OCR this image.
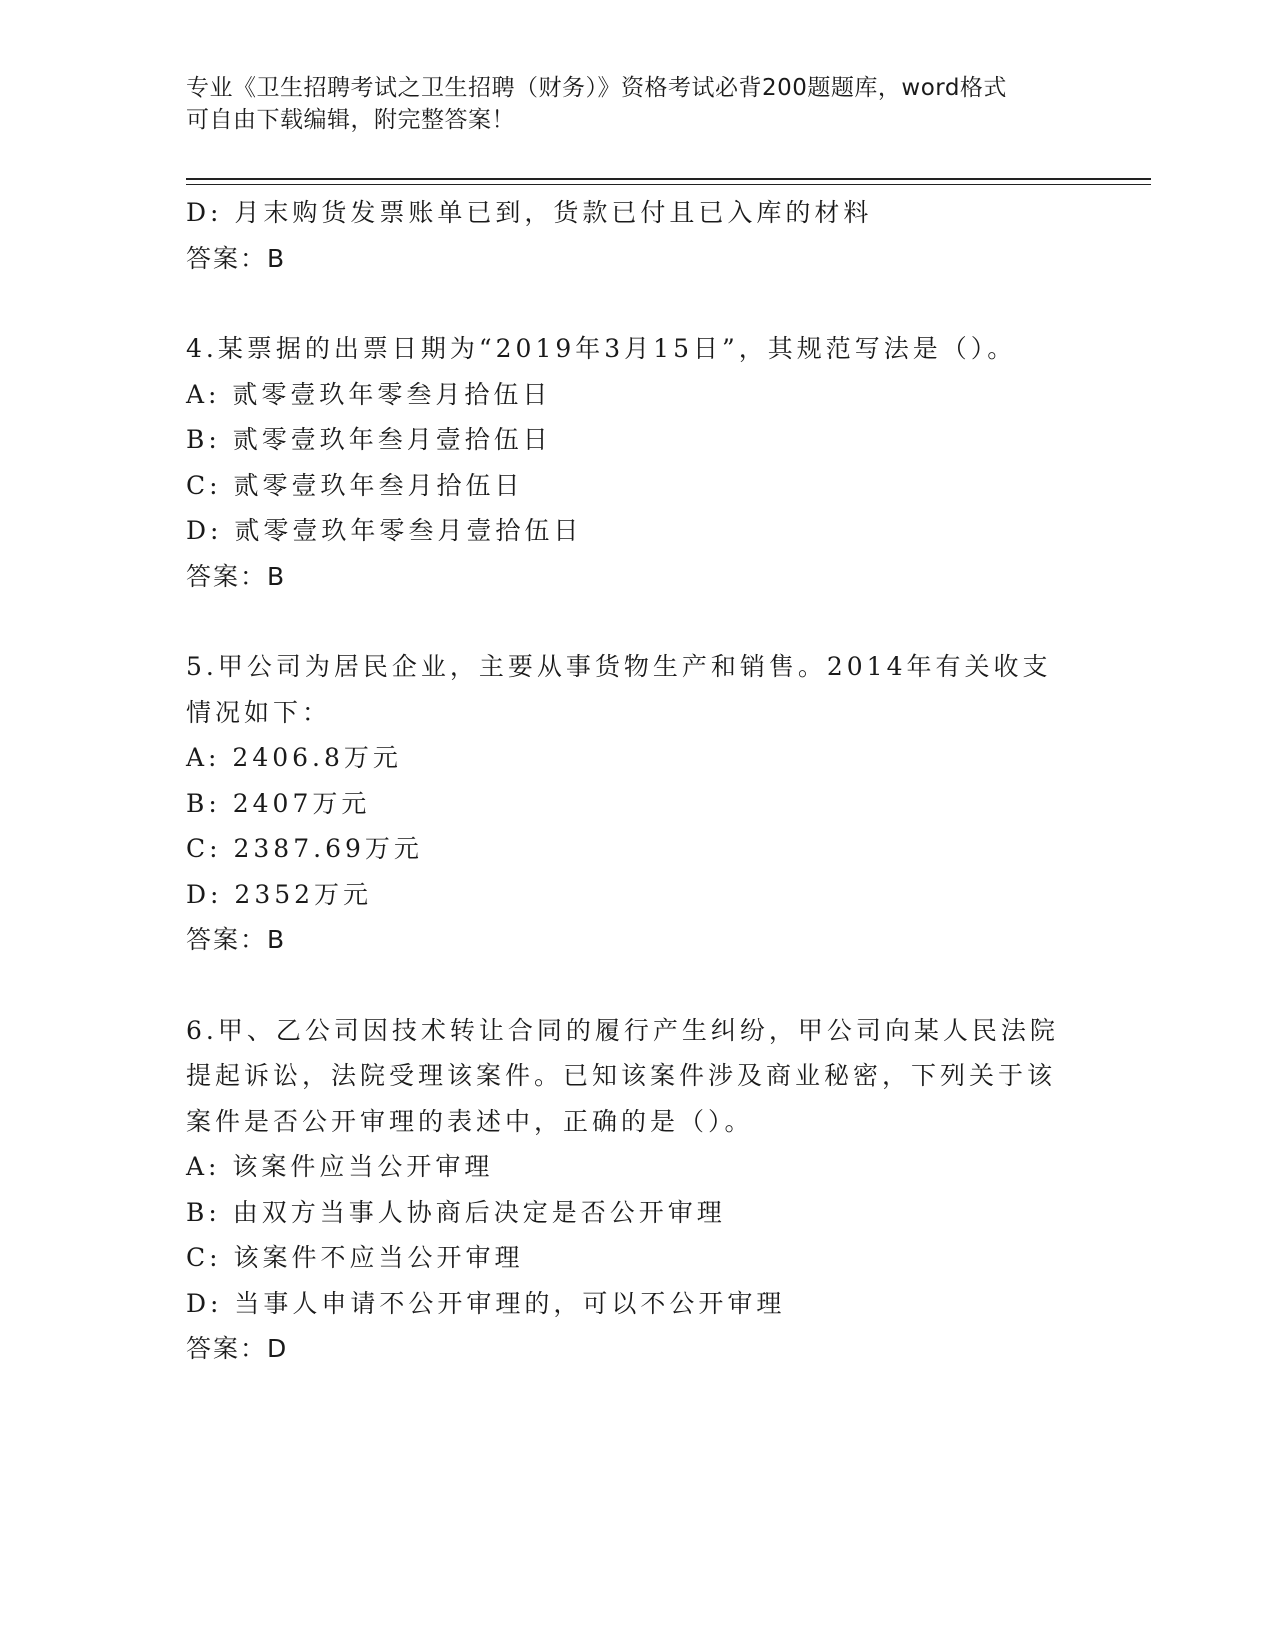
专业《卫生招聘考试之卫生招聘（财务）》资格考试必背200题题库，word格式
可自由下载编辑，附完整答案！
D: 月末购货发票账单已到，货款已付且已入库的材料
答案：B
4.某票据的出票日期为“2019年3月15日”，其规范写法是（）。
A: 贰零壹玖年零叁月拾伍日
B: 贰零壹玖年叁月壹拾伍日
C: 贰零壹玖年叁月拾伍日
D: 贰零壹玖年零叁月壹拾伍日
答案：B
5.甲公司为居民企业，主要从事货物生产和销售。2014年有关收支情况如下：
A: 2406.8万元
B: 2407万元
C: 2387.69万元
D: 2352万元
答案：B
6.甲、乙公司因技术转让合同的履行产生纠纷，甲公司向某人民法院提起诉讼，法院受理该案件。已知该案件涉及商业秘密，下列关于该案件是否公开审理的表述中，正确的是（）。
A: 该案件应当公开审理
B: 由双方当事人协商后决定是否公开审理
C: 该案件不应当公开审理
D: 当事人申请不公开审理的，可以不公开审理
答案：D
